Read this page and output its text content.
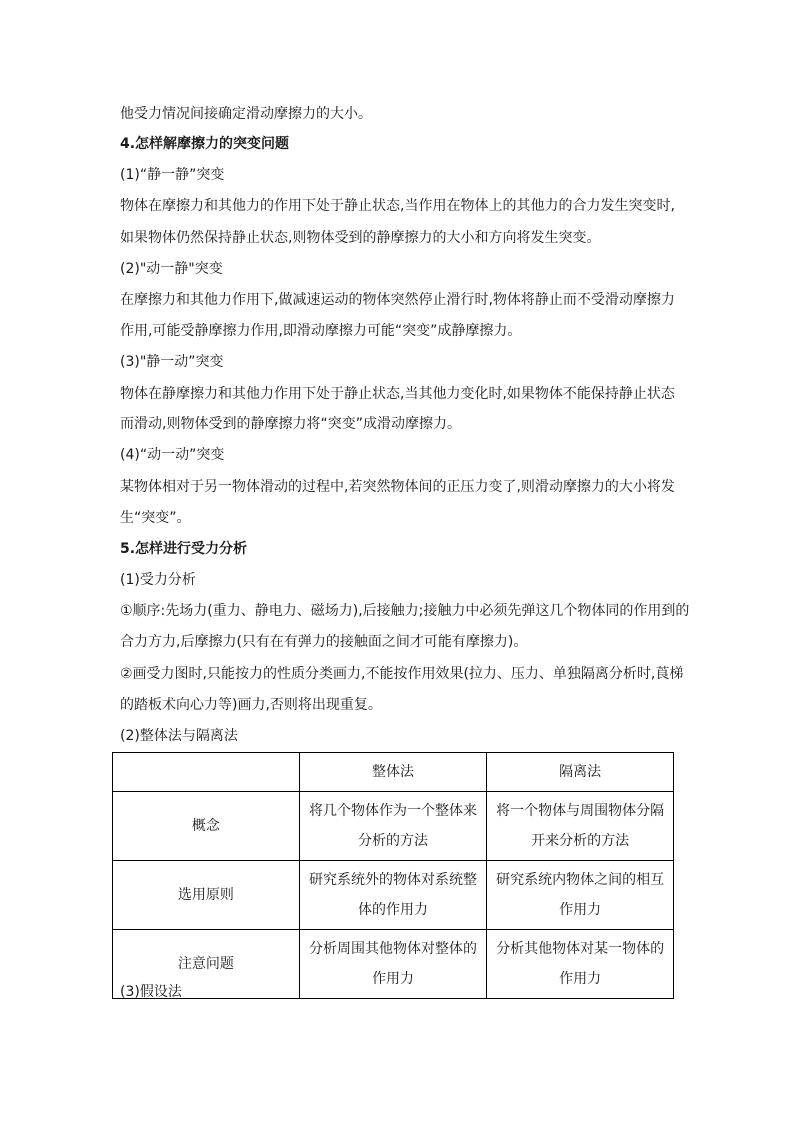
他受力情况间接确定滑动摩擦力的大小。
4.怎样解摩擦力的突变问题
(1)“静一静”突变
物体在摩擦力和其他力的作用下处于静止状态,当作用在物体上的其他力的合力发生突变时,
如果物体仍然保持静止状态,则物体受到的静摩擦力的大小和方向将发生突变。
(2)"动一静"突变
在摩擦力和其他力作用下,做减速运动的物体突然停止滑行时,物体将静止而不受滑动摩擦力
作用,可能受静摩擦力作用,即滑动摩擦力可能“突变”成静摩擦力。
(3)"静一动”突变
物体在静摩擦力和其他力作用下处于静止状态,当其他力变化时,如果物体不能保持静止状态
而滑动,则物体受到的静摩擦力将“突变”成滑动摩擦力。
(4)“动一动”突变
某物体相对于另一物体滑动的过程中,若突然物体间的正压力变了,则滑动摩擦力的大小将发
生“突变”。
5.怎样进行受力分析
(1)受力分析
①顺序:先场力(重力、静电力、磁场力),后接触力;接触力中必须先弹这几个物体同的作用到的
合力方力,后摩擦力(只有在有弹力的接触面之间才可能有摩擦力)。
②画受力图时,只能按力的性质分类画力,不能按作用效果(拉力、压力、单独隔离分析时,莨梯
的踏板术向心力等)画力,否则将出现重复。
(2)整体法与隔离法
	整体法	隔离法
概念	将几个物体作为一个整体来分析的方法	将一个物体与周围物体分隔开来分析的方法
选用原则	研究系统外的物体对系统整体的作用力	研究系统内物体之间的相互作用力
注意问题	分析周围其他物体对整体的作用力	分析其他物体对某一物体的作用力
(3)假设法
